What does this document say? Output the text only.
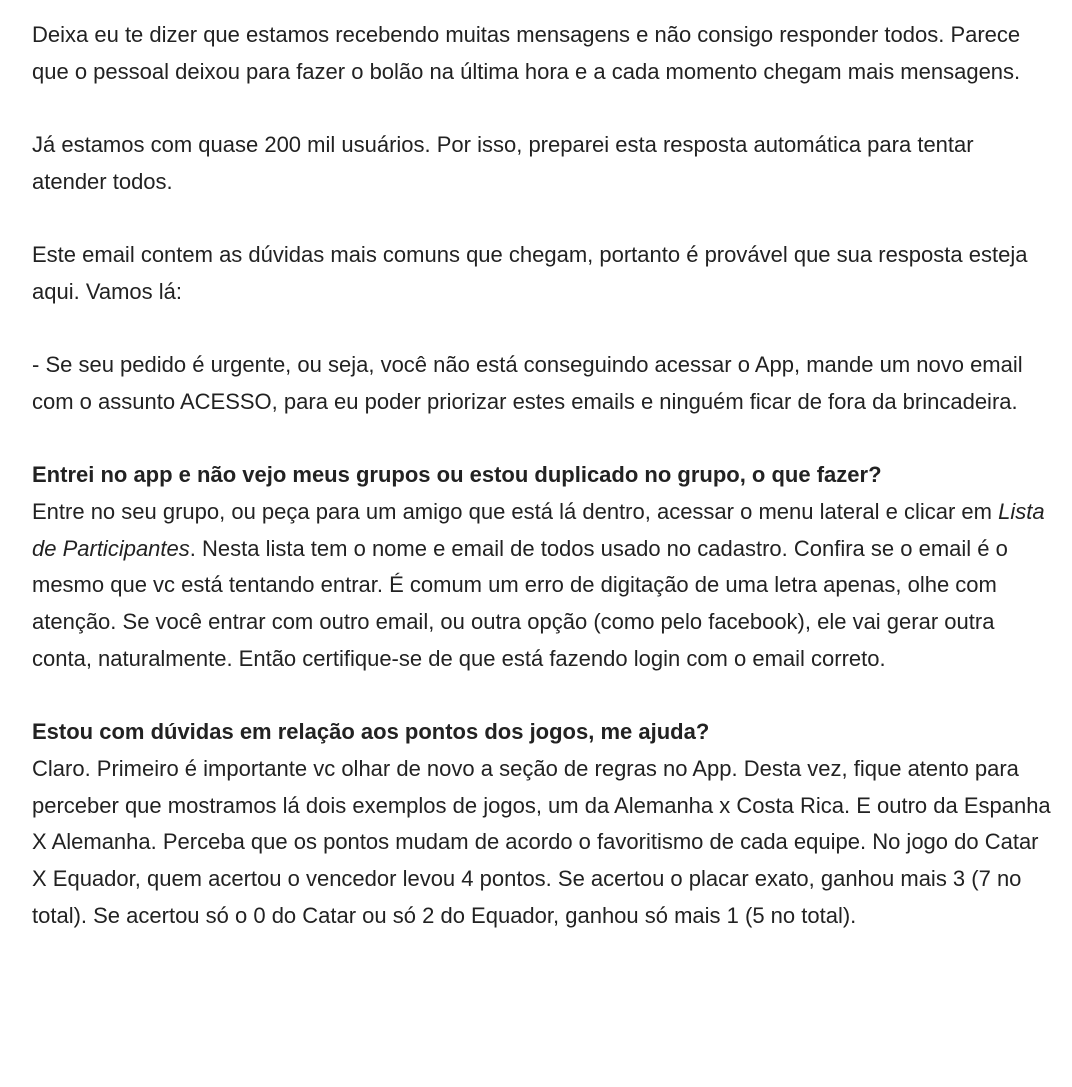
Deixa eu te dizer que estamos recebendo muitas mensagens e não consigo responder todos. Parece que o pessoal deixou para fazer o bolão na última hora e a cada momento chegam mais mensagens.

Já estamos com quase 200 mil usuários. Por isso, preparei esta resposta automática para tentar atender todos.

Este email contem as dúvidas mais comuns que chegam, portanto é provável que sua resposta esteja aqui. Vamos lá:

- Se seu pedido é urgente, ou seja, você não está conseguindo acessar o App, mande um novo email com o assunto ACESSO, para eu poder priorizar estes emails e ninguém ficar de fora da brincadeira.

Entrei no app e não vejo meus grupos ou estou duplicado no grupo, o que fazer?
Entre no seu grupo, ou peça para um amigo que está lá dentro, acessar o menu lateral e clicar em Lista de Participantes. Nesta lista tem o nome e email de todos usado no cadastro. Confira se o email é o mesmo que vc está tentando entrar. É comum um erro de digitação de uma letra apenas, olhe com atenção. Se você entrar com outro email, ou outra opção (como pelo facebook), ele vai gerar outra conta, naturalmente. Então certifique-se de que está fazendo login com o email correto.
Estou com dúvidas em relação aos pontos dos jogos, me ajuda?
Claro. Primeiro é importante vc olhar de novo a seção de regras no App. Desta vez, fique atento para perceber que mostramos lá dois exemplos de jogos, um da Alemanha x Costa Rica. E outro da Espanha X Alemanha. Perceba que os pontos mudam de acordo o favoritismo de cada equipe. No jogo do Catar X Equador, quem acertou o vencedor levou 4 pontos. Se acertou o placar exato, ganhou mais 3 (7 no total). Se acertou só o 0 do Catar ou só 2 do Equador, ganhou só mais 1 (5 no total).
